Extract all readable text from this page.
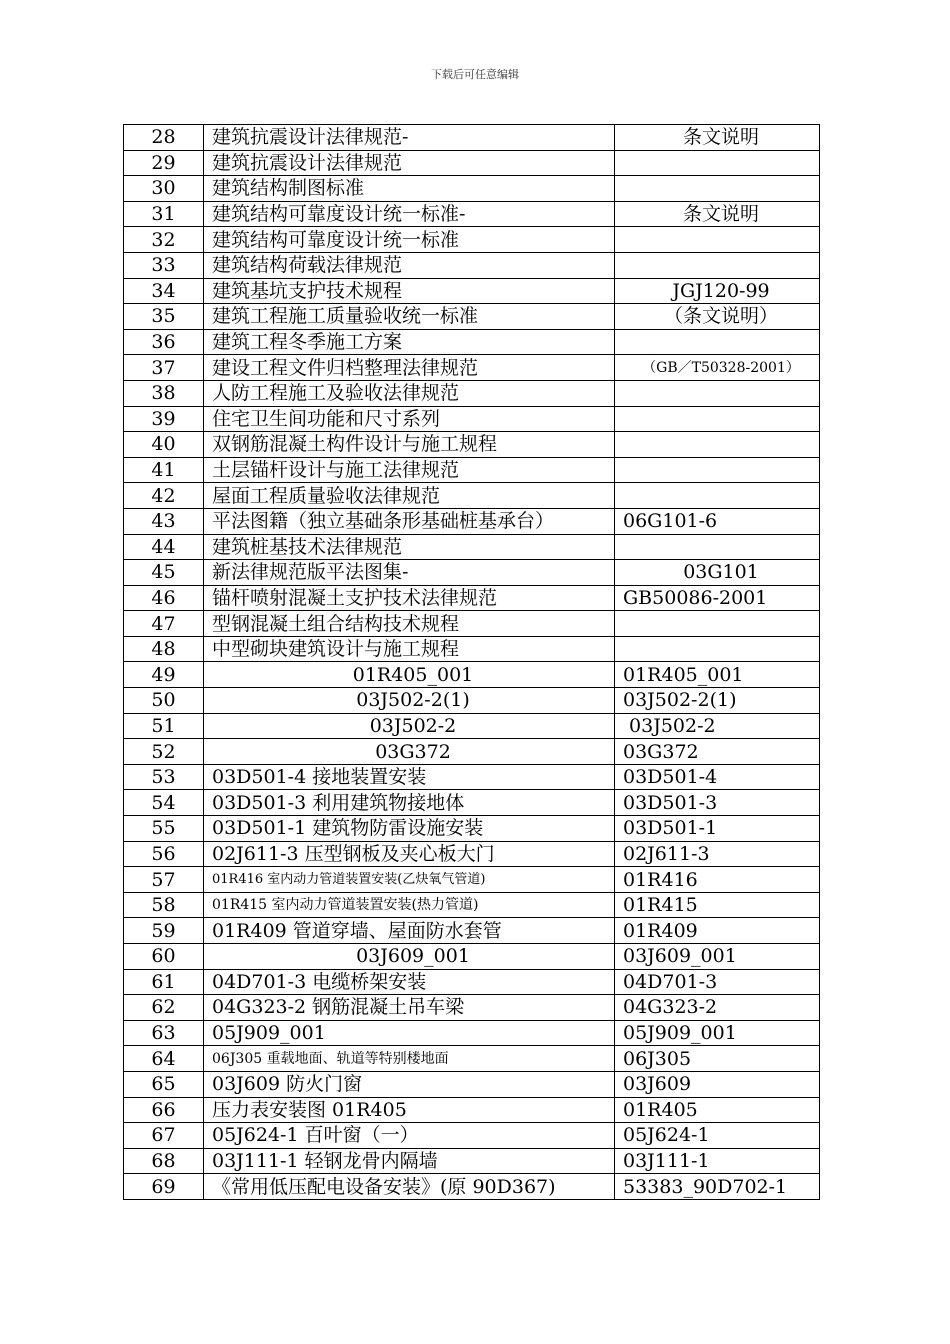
下载后可任意编辑
28	建筑抗震设计法律规范-	条文说明
29	建筑抗震设计法律规范	
30	建筑结构制图标准	
31	建筑结构可靠度设计统一标准-	条文说明
32	建筑结构可靠度设计统一标准	
33	建筑结构荷载法律规范	
34	建筑基坑支护技术规程	JGJ120-99
35	建筑工程施工质量验收统一标准	（条文说明）
36	建筑工程冬季施工方案	
37	建设工程文件归档整理法律规范	（GB／T50328-2001）
38	人防工程施工及验收法律规范	
39	住宅卫生间功能和尺寸系列	
40	双钢筋混凝土构件设计与施工规程	
41	土层锚杆设计与施工法律规范	
42	屋面工程质量验收法律规范	
43	平法图籍（独立基础条形基础桩基承台）	06G101-6
44	建筑桩基技术法律规范	
45	新法律规范版平法图集-	03G101
46	锚杆喷射混凝土支护技术法律规范	GB50086-2001
47	型钢混凝土组合结构技术规程	
48	中型砌块建筑设计与施工规程	
49	01R405_001	01R405_001
50	03J502-2(1)	03J502-2(1)
51	03J502-2	03J502-2
52	03G372	03G372
53	03D501-4 接地装置安装	03D501-4
54	03D501-3 利用建筑物接地体	03D501-3
55	03D501-1 建筑物防雷设施安装	03D501-1
56	02J611-3 压型钢板及夹心板大门	02J611-3
57	01R416 室内动力管道装置安装(乙炔氧气管道)	01R416
58	01R415 室内动力管道装置安装(热力管道)	01R415
59	01R409 管道穿墙、屋面防水套管	01R409
60	03J609_001	03J609_001
61	04D701-3 电缆桥架安装	04D701-3
62	04G323-2 钢筋混凝土吊车梁	04G323-2
63	05J909_001	05J909_001
64	06J305 重载地面、轨道等特别楼地面	06J305
65	03J609 防火门窗	03J609
66	压力表安装图 01R405	01R405
67	05J624-1 百叶窗（一）	05J624-1
68	03J111-1 轻钢龙骨内隔墙	03J111-1
69	《常用低压配电设备安装》(原 90D367)	53383_90D702-1
